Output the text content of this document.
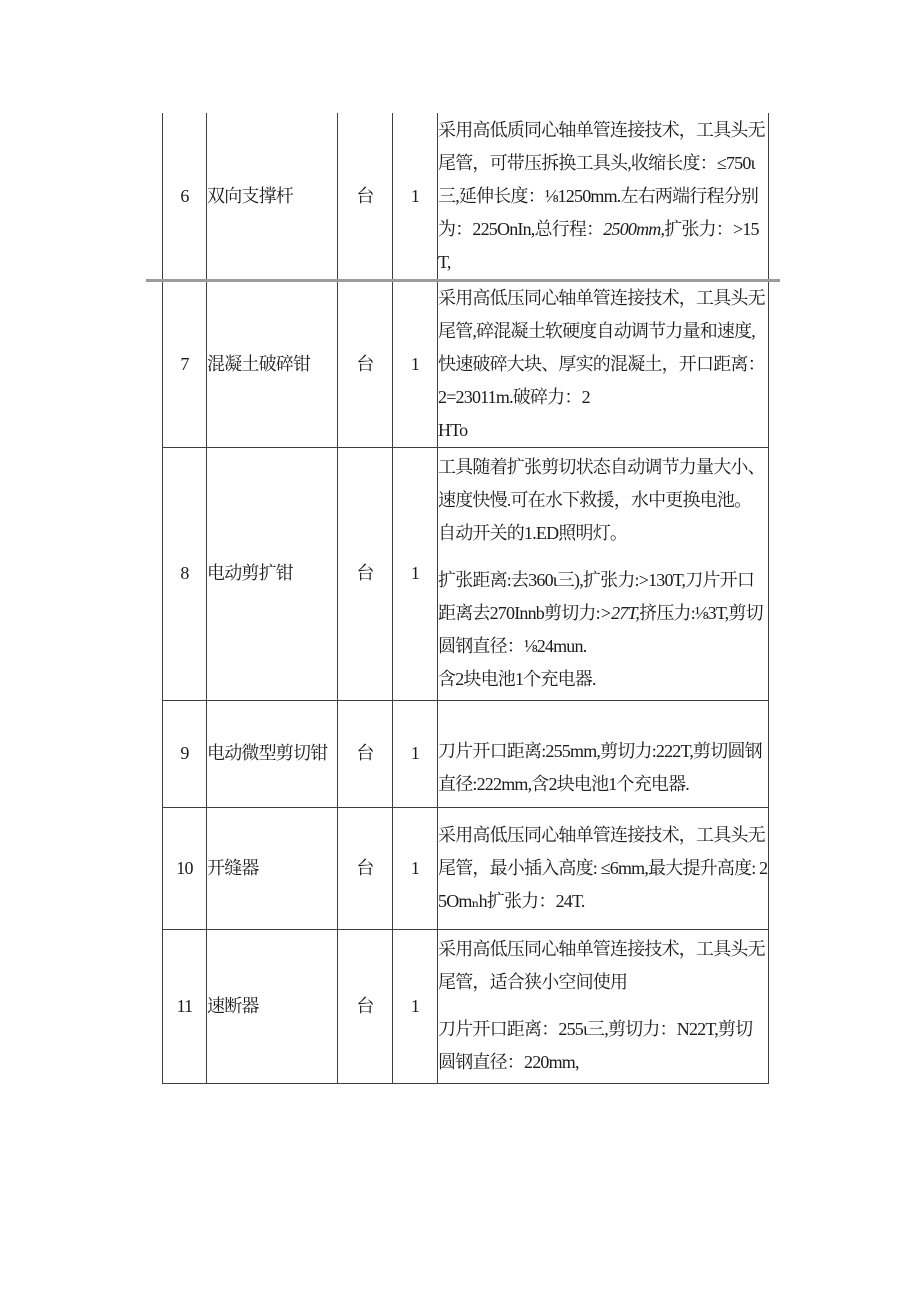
6	双向支撑杆	台	1	采用高低质同心轴单管连接技术，工具头无尾管，可带压拆换工具头,收缩长度：≤750ι三,延伸长度：⅛1250mm.左右两端行程分别为：225OnIn,总行程：2500mm,扩张力：>15T,

7	混凝土破碎钳	台	1	采用高低压同心轴单管连接技术，工具头无尾管,碎混凝土软硬度自动调节力量和速度,快速破碎大块、厚实的混凝土，开口距离：2=23011m.破碎力：2

HTo

8	电动剪扩钳	台	1	工具随着扩张剪切状态自动调节力量大小、速度快慢.可在水下救援，水中更换电池。自动开关的1.ED照明灯。

扩张距离:去360ι三),扩张力:>130T,刀片开口距离去270Innb剪切力:>27T,挤压力:⅛3T,剪切圆钢直径：⅛24mun.

含2块电池1个充电器.

9	电动微型剪切钳	台	1	刀片开口距离:255mm,剪切力:222T,剪切圆钢直径:222mm,含2块电池1个充电器.

10	开缝器	台	1	采用高低压同心轴单管连接技术，工具头无尾管，最小插入高度: ≤6mm,最大提升高度: 25Omₙh扩张力：24T.

11	速断器	台	1	采用高低压同心轴单管连接技术，工具头无尾管，适合狭小空间使用

刀片开口距离：255ι三,剪切力：N22T,剪切圆钢直径：220mm,
